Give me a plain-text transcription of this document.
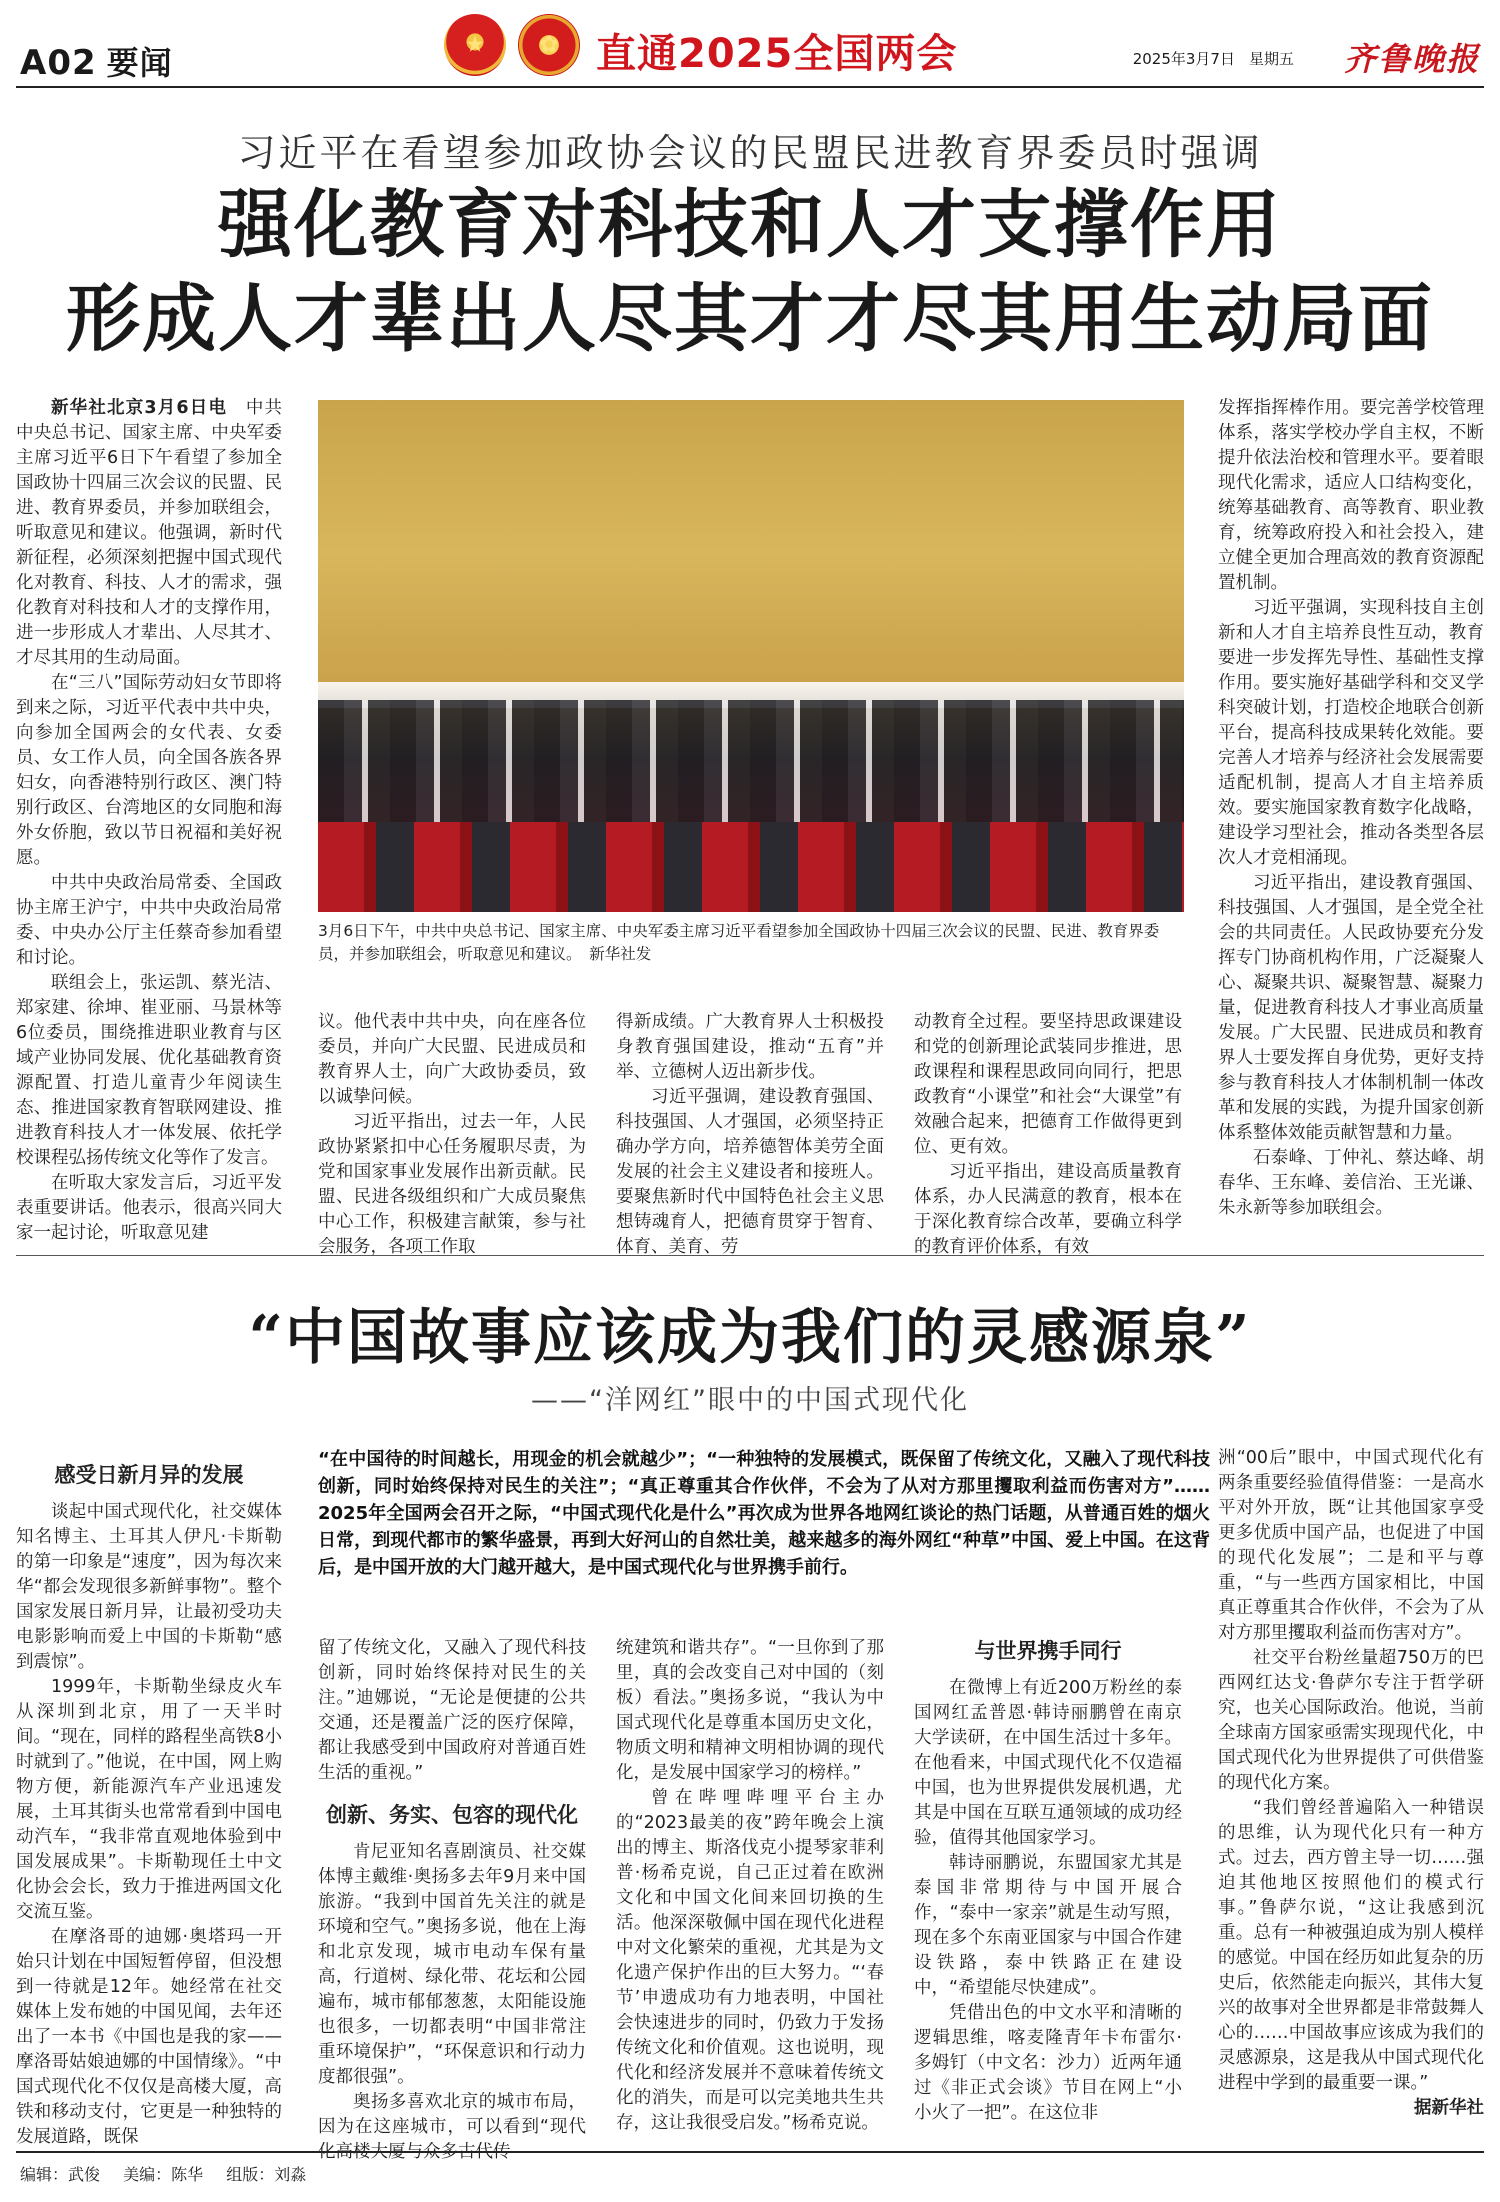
A02 要闻	★ ✿ 直通2025全国两会	2025年3月7日 星期五 齐鲁晚报
习近平在看望参加政协会议的民盟民进教育界委员时强调
强化教育对科技和人才支撑作用
形成人才辈出人尽其才才尽其用生动局面

新华社北京3月6日电　 中共中央总书记、国家主席、中央军委主席习近平6日下午看望了参加全国政协十四届三次会议的民盟、民进、教育界委员，并参加联组会，听取意见和建议。他强调，新时代新征程，必须深刻把握中国式现代化对教育、科技、人才的需求，强化教育对科技和人才的支撑作用，进一步形成人才辈出、人尽其才、才尽其用的生动局面。

在“三八”国际劳动妇女节即将到来之际，习近平代表中共中央，向参加全国两会的女代表、女委员、女工作人员，向全国各族各界妇女，向香港特别行政区、澳门特别行政区、台湾地区的女同胞和海外女侨胞，致以节日祝福和美好祝愿。

中共中央政治局常委、全国政协主席王沪宁，中共中央政治局常委、中央办公厅主任蔡奇参加看望和讨论。

联组会上，张运凯、蔡光洁、郑家建、徐坤、崔亚丽、马景林等6位委员，围绕推进职业教育与区域产业协同发展、优化基础教育资源配置、打造儿童青少年阅读生态、推进国家教育智联网建设、推进教育科技人才一体发展、依托学校课程弘扬传统文化等作了发言。

在听取大家发言后，习近平发表重要讲话。他表示，很高兴同大家一起讨论，听取意见建

3月6日下午，中共中央总书记、国家主席、中央军委主席习近平看望参加全国政协十四届三次会议的民盟、民进、教育界委员，并参加联组会，听取意见和建议。　新华社发

议。他代表中共中央，向在座各位委员，并向广大民盟、民进成员和教育界人士，向广大政协委员，致以诚挚问候。

习近平指出，过去一年，人民政协紧紧扣中心任务履职尽责，为党和国家事业发展作出新贡献。民盟、民进各级组织和广大成员聚焦中心工作，积极建言献策，参与社会服务，各项工作取

得新成绩。广大教育界人士积极投身教育强国建设，推动“五育”并举、立德树人迈出新步伐。

习近平强调，建设教育强国、科技强国、人才强国，必须坚持正确办学方向，培养德智体美劳全面发展的社会主义建设者和接班人。要聚焦新时代中国特色社会主义思想铸魂育人，把德育贯穿于智育、体育、美育、劳

动教育全过程。要坚持思政课建设和党的创新理论武装同步推进，思政课程和课程思政同向同行，把思政教育“小课堂”和社会“大课堂”有效融合起来，把德育工作做得更到位、更有效。

习近平指出，建设高质量教育体系，办人民满意的教育，根本在于深化教育综合改革，要确立科学的教育评价体系，有效

发挥指挥棒作用。要完善学校管理体系，落实学校办学自主权，不断提升依法治校和管理水平。要着眼现代化需求，适应人口结构变化，统筹基础教育、高等教育、职业教育，统筹政府投入和社会投入，建立健全更加合理高效的教育资源配置机制。

习近平强调，实现科技自主创新和人才自主培养良性互动，教育要进一步发挥先导性、基础性支撑作用。要实施好基础学科和交叉学科突破计划，打造校企地联合创新平台，提高科技成果转化效能。要完善人才培养与经济社会发展需要适配机制，提高人才自主培养质效。要实施国家教育数字化战略，建设学习型社会，推动各类型各层次人才竞相涌现。

习近平指出，建设教育强国、科技强国、人才强国，是全党全社会的共同责任。人民政协要充分发挥专门协商机构作用，广泛凝聚人心、凝聚共识、凝聚智慧、凝聚力量，促进教育科技人才事业高质量发展。广大民盟、民进成员和教育界人士要发挥自身优势，更好支持参与教育科技人才体制机制一体改革和发展的实践，为提升国家创新体系整体效能贡献智慧和力量。

石泰峰、丁仲礼、蔡达峰、胡春华、王东峰、姜信治、王光谦、朱永新等参加联组会。

“中国故事应该成为我们的灵感源泉”
——“洋网红”眼中的中国式现代化
“在中国待的时间越长，用现金的机会就越少”；“一种独特的发展模式，既保留了传统文化，又融入了现代科技创新，同时始终保持对民生的关注”；“真正尊重其合作伙伴，不会为了从对方那里攫取利益而伤害对方”……2025年全国两会召开之际，“中国式现代化是什么”再次成为世界各地网红谈论的热门话题，从普通百姓的烟火日常，到现代都市的繁华盛景，再到大好河山的自然壮美，越来越多的海外网红“种草”中国、爱上中国。在这背后，是中国开放的大门越开越大，是中国式现代化与世界携手前行。
感受日新月异的发展

谈起中国式现代化，社交媒体知名博主、土耳其人伊凡·卡斯勒的第一印象是“速度”，因为每次来华“都会发现很多新鲜事物”。整个国家发展日新月异，让最初受功夫电影影响而爱上中国的卡斯勒“感到震惊”。

1999年，卡斯勒坐绿皮火车从深圳到北京，用了一天半时间。“现在，同样的路程坐高铁8小时就到了。”他说，在中国，网上购物方便，新能源汽车产业迅速发展，土耳其街头也常常看到中国电动汽车，“我非常直观地体验到中国发展成果”。卡斯勒现任土中文化协会会长，致力于推进两国文化交流互鉴。

在摩洛哥的迪娜·奥塔玛一开始只计划在中国短暂停留，但没想到一待就是12年。她经常在社交媒体上发布她的中国见闻，去年还出了一本书《中国也是我的家——摩洛哥姑娘迪娜的中国情缘》。“中国式现代化不仅仅是高楼大厦，高铁和移动支付，它更是一种独特的发展道路，既保

留了传统文化，又融入了现代科技创新，同时始终保持对民生的关注。”迪娜说，“无论是便捷的公共交通，还是覆盖广泛的医疗保障，都让我感受到中国政府对普通百姓生活的重视。”

创新、务实、包容的现代化

肯尼亚知名喜剧演员、社交媒体博主戴维·奥扬多去年9月来中国旅游。“我到中国首先关注的就是环境和空气。”奥扬多说，他在上海和北京发现，城市电动车保有量高，行道树、绿化带、花坛和公园遍布，城市郁郁葱葱，太阳能设施也很多，一切都表明“中国非常注重环境保护”，“环保意识和行动力度都很强”。

奥扬多喜欢北京的城市布局，因为在这座城市，可以看到“现代化高楼大厦与众多古代传

统建筑和谐共存”。“一旦你到了那里，真的会改变自己对中国的（刻板）看法。”奥扬多说，“我认为中国式现代化是尊重本国历史文化，物质文明和精神文明相协调的现代化，是发展中国家学习的榜样。”

曾在哔哩哔哩平台主办的“2023最美的夜”跨年晚会上演出的博主、斯洛伐克小提琴家菲利普·杨希克说，自己正过着在欧洲文化和中国文化间来回切换的生活。他深深敬佩中国在现代化进程中对文化繁荣的重视，尤其是为文化遗产保护作出的巨大努力。“‘春节’申遗成功有力地表明，中国社会快速进步的同时，仍致力于发扬传统文化和价值观。这也说明，现代化和经济发展并不意味着传统文化的消失，而是可以完美地共生共存，这让我很受启发。”杨希克说。

与世界携手同行

在微博上有近200万粉丝的泰国网红孟普恩·韩诗丽鹏曾在南京大学读研，在中国生活过十多年。在他看来，中国式现代化不仅造福中国，也为世界提供发展机遇，尤其是中国在互联互通领域的成功经验，值得其他国家学习。

韩诗丽鹏说，东盟国家尤其是泰国非常期待与中国开展合作，“泰中一家亲”就是生动写照，现在多个东南亚国家与中国合作建设铁路，泰中铁路正在建设中，“希望能尽快建成”。

凭借出色的中文水平和清晰的逻辑思维，喀麦隆青年卡布雷尔·多姆钉（中文名：沙力）近两年通过《非正式会谈》节目在网上“小小火了一把”。在这位非

洲“00后”眼中，中国式现代化有两条重要经验值得借鉴：一是高水平对外开放，既“让其他国家享受更多优质中国产品，也促进了中国的现代化发展”；二是和平与尊重，“与一些西方国家相比，中国真正尊重其合作伙伴，不会为了从对方那里攫取利益而伤害对方”。

社交平台粉丝量超750万的巴西网红达戈·鲁萨尔专注于哲学研究，也关心国际政治。他说，当前全球南方国家亟需实现现代化，中国式现代化为世界提供了可供借鉴的现代化方案。

“我们曾经普遍陷入一种错误的思维，认为现代化只有一种方式。过去，西方曾主导一切……强迫其他地区按照他们的模式行事。”鲁萨尔说，“这让我感到沉重。总有一种被强迫成为别人模样的感觉。中国在经历如此复杂的历史后，依然能走向振兴，其伟大复兴的故事对全世界都是非常鼓舞人心的……中国故事应该成为我们的灵感源泉，这是我从中国式现代化进程中学到的最重要一课。”

据新华社

编辑：武俊 美编：陈华 组版：刘淼
